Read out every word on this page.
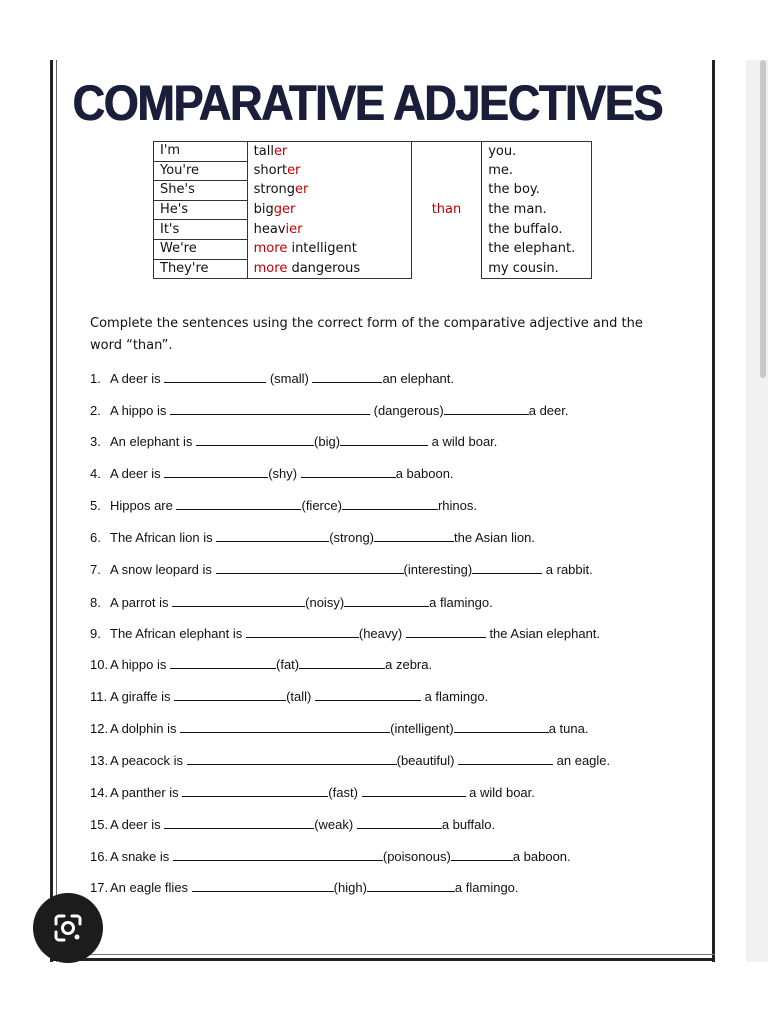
COMPARATIVE ADJECTIVES
I'm	taller	than	you.
You're	shorter		me.
She's	stronger		the boy.
He's	bigger		the man.
It's	heavier		the buffalo.
We're	more intelligent		the elephant.
They're	more dangerous		my cousin.
Complete the sentences using the correct form of the comparative adjective and the word “than”.
1. A deer is	(small)	an elephant.
2. A hippo is	(dangerous)	a deer.
3. An elephant is	(big)	a wild boar.
4. A deer is	(shy)	a baboon.
5. Hippos are	(fierce)	rhinos.
6. The African lion is	(strong)	the Asian lion.
7. A snow leopard is	(interesting)	a rabbit.
8. A parrot is	(noisy)	a flamingo.
9. The African elephant is	(heavy)	the Asian elephant.
10. A hippo is	(fat)	a zebra.
11. A giraffe is	(tall)	a flamingo.
12. A dolphin is	(intelligent)	a tuna.
13. A peacock is	(beautiful)	an eagle.
14. A panther is	(fast)	a wild boar.
15. A deer is	(weak)	a buffalo.
16. A snake is	(poisonous)	a baboon.
17. An eagle flies	(high)	a flamingo.
